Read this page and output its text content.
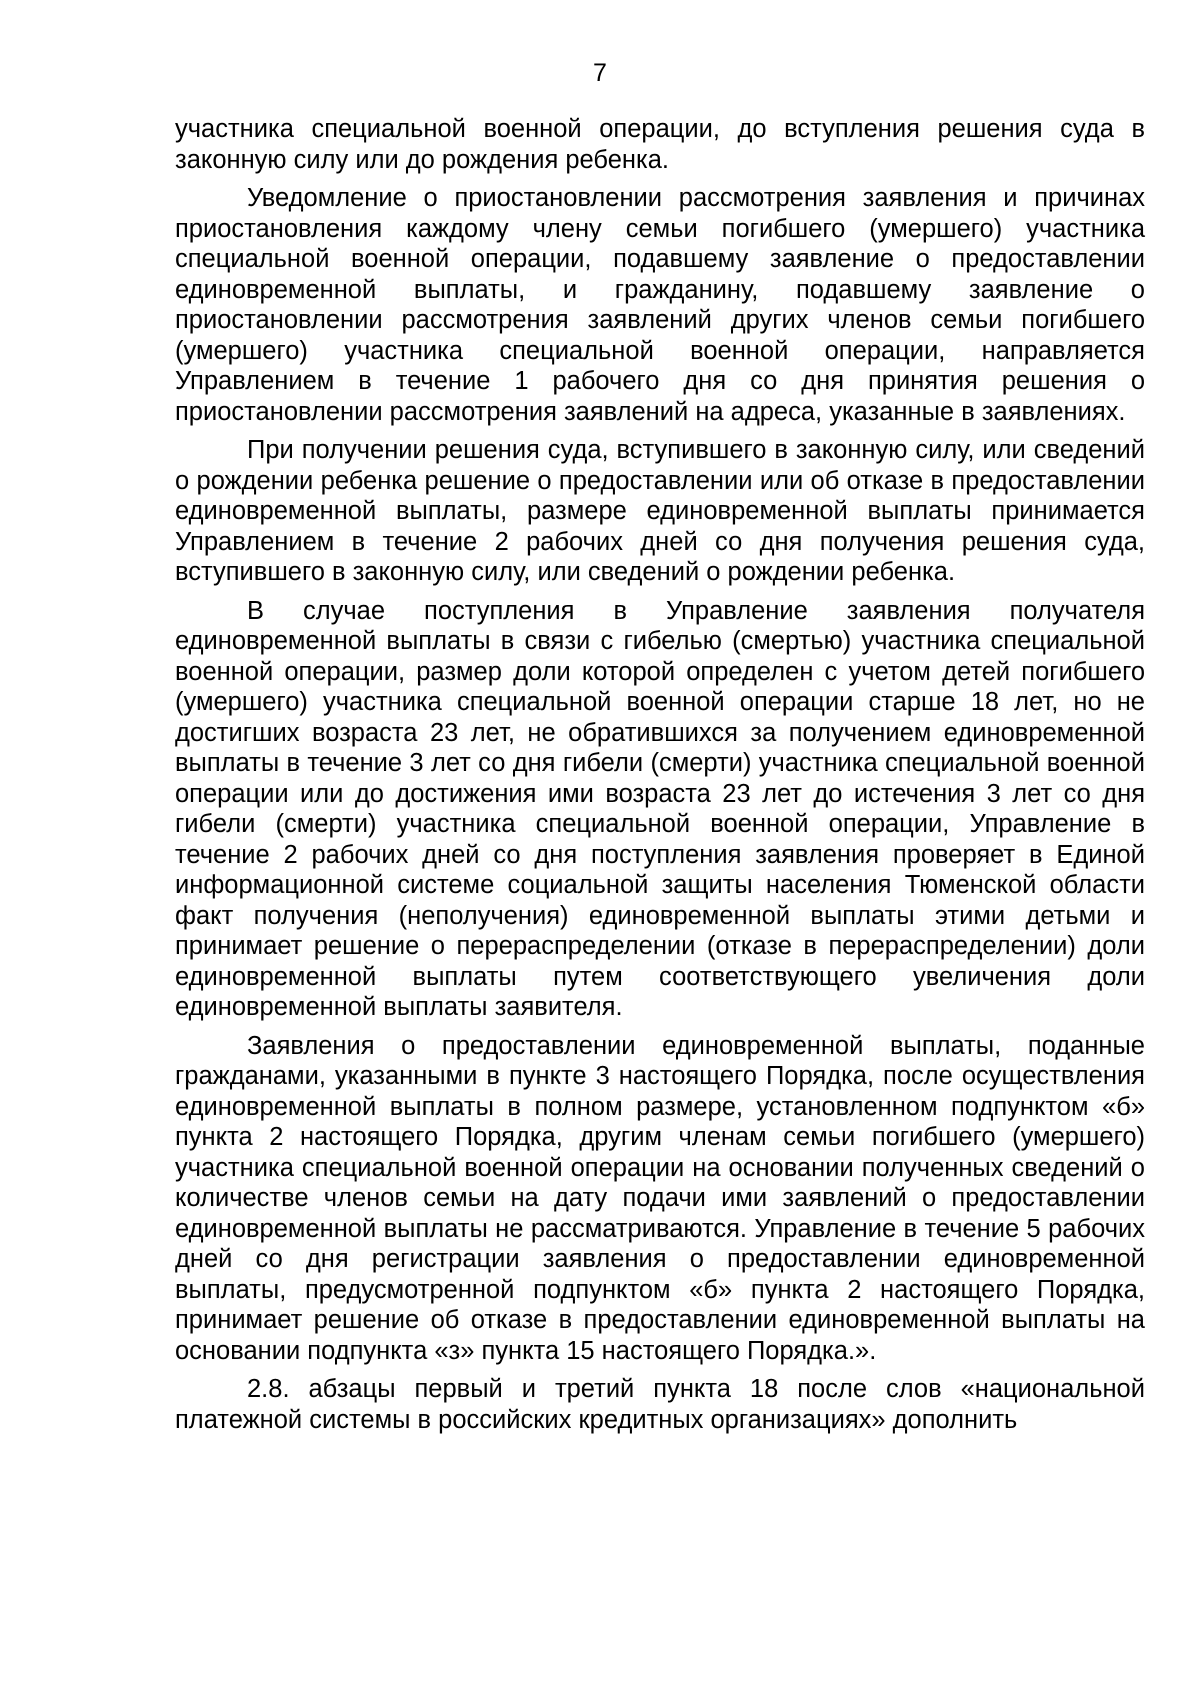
7

участника специальной военной операции, до вступления решения суда в законную силу или до рождения ребенка.

Уведомление о приостановлении рассмотрения заявления и причинах приостановления каждому члену семьи погибшего (умершего) участника специальной военной операции, подавшему заявление о предоставлении единовременной выплаты, и гражданину, подавшему заявление о приостановлении рассмотрения заявлений других членов семьи погибшего (умершего) участника специальной военной операции, направляется Управлением в течение 1 рабочего дня со дня принятия решения о приостановлении рассмотрения заявлений на адреса, указанные в заявлениях.

При получении решения суда, вступившего в законную силу, или сведений о рождении ребенка решение о предоставлении или об отказе в предоставлении единовременной выплаты, размере единовременной выплаты принимается Управлением в течение 2 рабочих дней со дня получения решения суда, вступившего в законную силу, или сведений о рождении ребенка.

В случае поступления в Управление заявления получателя единовременной выплаты в связи с гибелью (смертью) участника специальной военной операции, размер доли которой определен с учетом детей погибшего (умершего) участника специальной военной операции старше 18 лет, но не достигших возраста 23 лет, не обратившихся за получением единовременной выплаты в течение 3 лет со дня гибели (смерти) участника специальной военной операции или до достижения ими возраста 23 лет до истечения 3 лет со дня гибели (смерти) участника специальной военной операции, Управление в течение 2 рабочих дней со дня поступления заявления проверяет в Единой информационной системе социальной защиты населения Тюменской области факт получения (неполучения) единовременной выплаты этими детьми и принимает решение о перераспределении (отказе в перераспределении) доли единовременной выплаты путем соответствующего увеличения доли единовременной выплаты заявителя.

Заявления о предоставлении единовременной выплаты, поданные гражданами, указанными в пункте 3 настоящего Порядка, после осуществления единовременной выплаты в полном размере, установленном подпунктом «б» пункта 2 настоящего Порядка, другим членам семьи погибшего (умершего) участника специальной военной операции на основании полученных сведений о количестве членов семьи на дату подачи ими заявлений о предоставлении единовременной выплаты не рассматриваются. Управление в течение 5 рабочих дней со дня регистрации заявления о предоставлении единовременной выплаты, предусмотренной подпунктом «б» пункта 2 настоящего Порядка, принимает решение об отказе в предоставлении единовременной выплаты на основании подпункта «з» пункта 15 настоящего Порядка.».

2.8. абзацы первый и третий пункта 18 после слов «национальной платежной системы в российских кредитных организациях» дополнить
